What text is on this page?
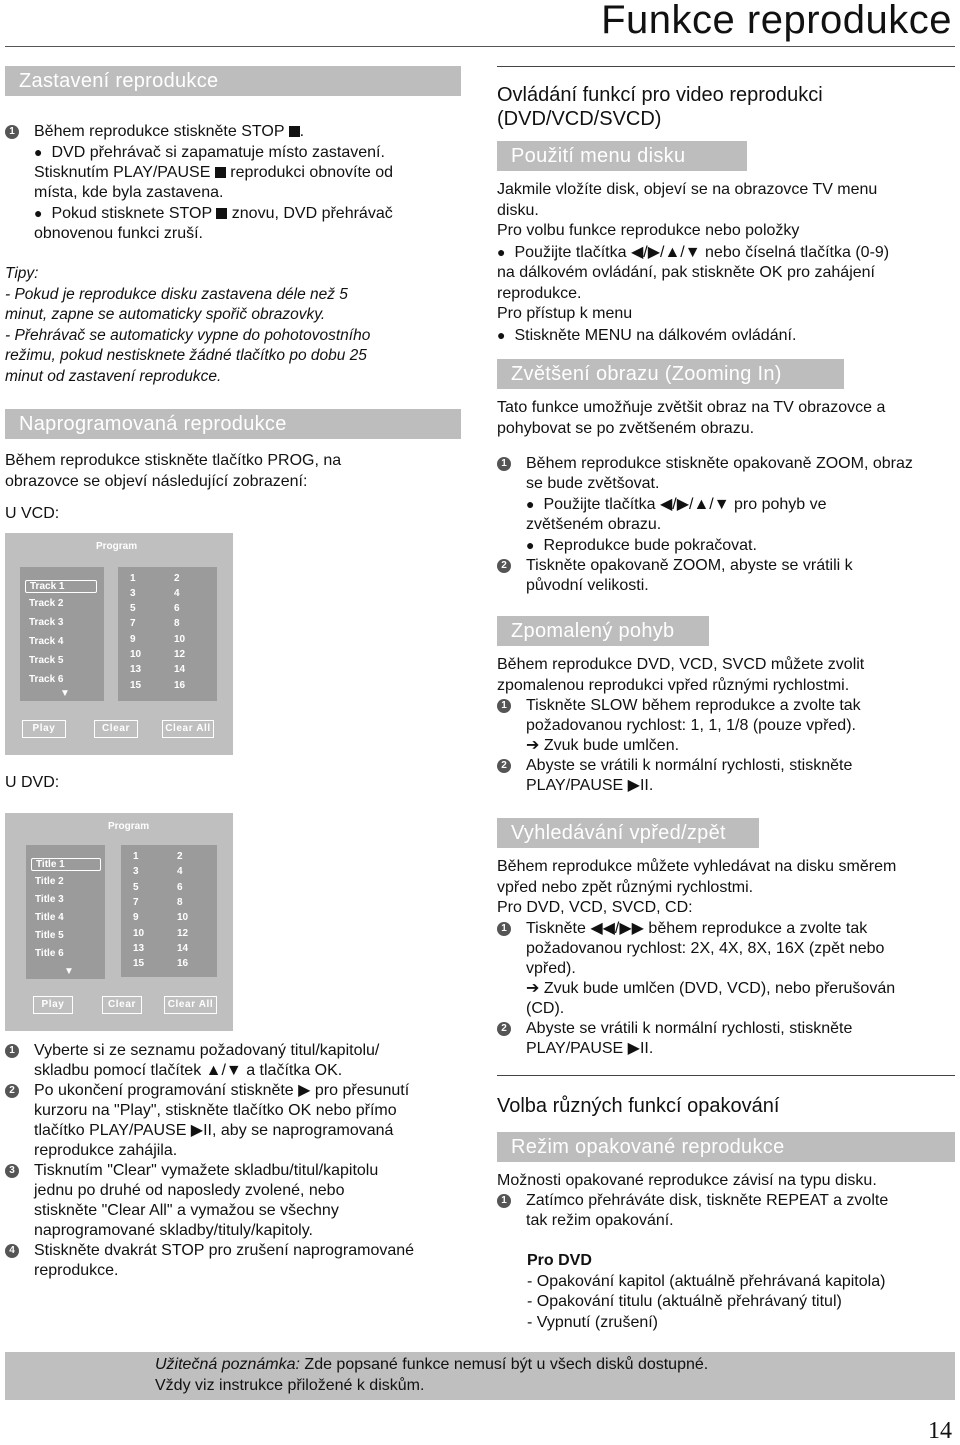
Funkce reprodukce
Zastavení reprodukce
1 Během reprodukce stiskněte STOP .
● DVD přehrávač si zapamatuje místo zastavení.
Stisknutím PLAY/PAUSE reprodukci obnovíte od
místa, kde byla zastavena.
● Pokud stisknete STOP znovu, DVD přehrávač
obnovenou funkci zruší.
Tipy:
- Pokud je reprodukce disku zastavena déle než 5
minut, zapne se automaticky spořič obrazovky.
- Přehrávač se automaticky vypne do pohotovostního
režimu, pokud nestisknete žádné tlačítko po dobu 25
minut od zastavení reprodukce.
Naprogramovaná reprodukce
Během reprodukce stiskněte tlačítko PROG, na
obrazovce se objeví následující zobrazení:
U VCD:
Program
Track 1
Track 2
Track 3
Track 4
Track 5
Track 6
▼
1	2
3	4
5	6
7	8
9	10
10	12
13	14
15	16
Play	Clear	Clear All
U DVD:
Program
Title 1
Title 2
Title 3
Title 4
Title 5
Title 6
▼
1	2
3	4
5	6
7	8
9	10
10	12
13	14
15	16
Play	Clear	Clear All
1 Vyberte si ze seznamu požadovaný titul/kapitolu/
skladbu pomocí tlačítek ▲/▼ a tlačítka OK.
2 Po ukončení programování stiskněte ▶ pro přesunutí
kurzoru na "Play", stiskněte tlačítko OK nebo přímo
tlačítko PLAY/PAUSE ▶II, aby se naprogramovaná
reprodukce zahájila.
3 Tisknutím "Clear" vymažete skladbu/titul/kapitolu
jednu po druhé od naposledy zvolené, nebo
stiskněte "Clear All" a vymažou se všechny
naprogramované skladby/tituly/kapitoly.
4 Stiskněte dvakrát STOP pro zrušení naprogramované
reprodukce.
Ovládání funkcí pro video reprodukci
(DVD/VCD/SVCD)
Použití menu disku
Jakmile vložíte disk, objeví se na obrazovce TV menu
disku.
Pro volbu funkce reprodukce nebo položky
● Použijte tlačítka ◀/▶/▲/▼ nebo číselná tlačítka (0-9)
na dálkovém ovládání, pak stiskněte OK pro zahájení
reprodukce.
Pro přístup k menu
● Stiskněte MENU na dálkovém ovládání.
Zvětšení obrazu (Zooming In)
Tato funkce umožňuje zvětšit obraz na TV obrazovce a
pohybovat se po zvětšeném obrazu.
1 Během reprodukce stiskněte opakovaně ZOOM, obraz
se bude zvětšovat.
● Použijte tlačítka ◀/▶/▲/▼ pro pohyb ve
zvětšeném obrazu.
● Reprodukce bude pokračovat.
2 Tiskněte opakovaně ZOOM, abyste se vrátili k
původní velikosti.
Zpomalený pohyb
Během reprodukce DVD, VCD, SVCD můžete zvolit
zpomalenou reprodukci vpřed různými rychlostmi.
1 Tiskněte SLOW během reprodukce a zvolte tak
požadovanou rychlost: 1, 1, 1/8 (pouze vpřed).
➔ Zvuk bude umlčen.
2 Abyste se vrátili k normální rychlosti, stiskněte
PLAY/PAUSE ▶II.
Vyhledávání vpřed/zpět
Během reprodukce můžete vyhledávat na disku směrem
vpřed nebo zpět různými rychlostmi.
Pro DVD, VCD, SVCD, CD:
1 Tiskněte ◀◀/▶▶ během reprodukce a zvolte tak
požadovanou rychlost: 2X, 4X, 8X, 16X (zpět nebo
vpřed).
➔ Zvuk bude umlčen (DVD, VCD), nebo přerušován
(CD).
2 Abyste se vrátili k normální rychlosti, stiskněte
PLAY/PAUSE ▶II.
Volba různých funkcí opakování
Režim opakované reprodukce
Možnosti opakované reprodukce závisí na typu disku.
1 Zatímco přehráváte disk, tiskněte REPEAT a zvolte
tak režim opakování.
Pro DVD
- Opakování kapitol (aktuálně přehrávaná kapitola)
- Opakování titulu (aktuálně přehrávaný titul)
- Vypnutí (zrušení)
Užitečná poznámka: Zde popsané funkce nemusí být u všech disků dostupné.
Vždy viz instrukce přiložené k diskům.
14
